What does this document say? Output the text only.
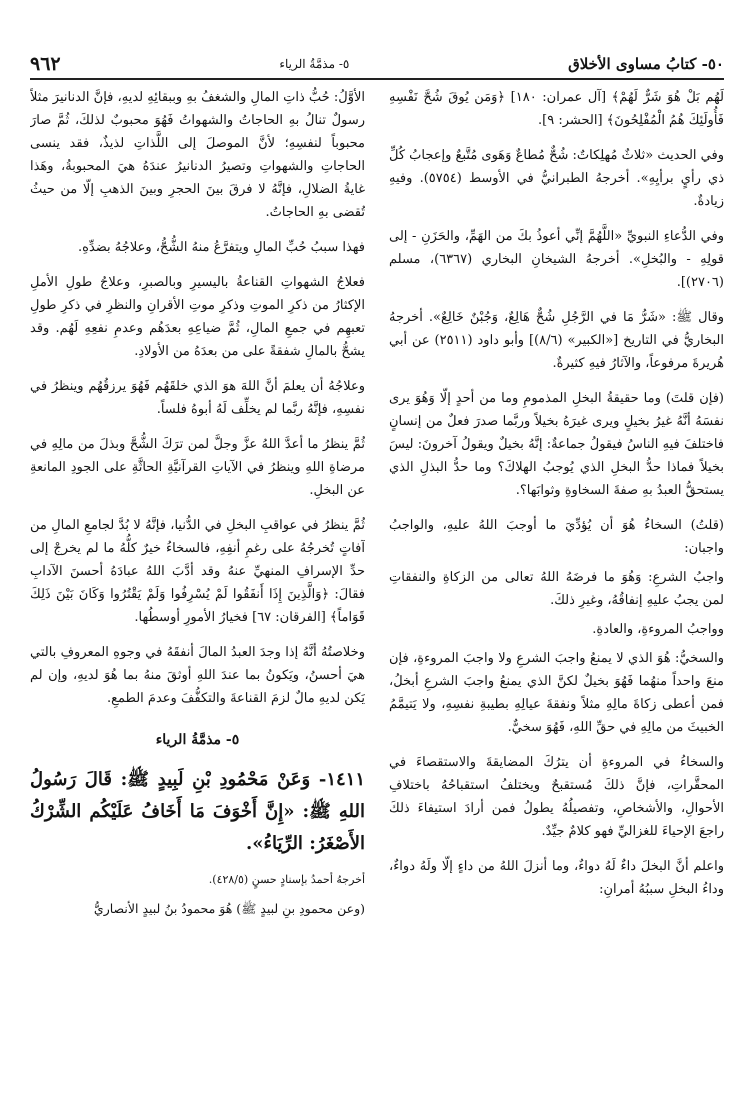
٥٠- كتابُ مساوى الأخلاق
٥- مذمَّةُ الرياء
٩٦٢

لَهُم بَلْ هُوَ شَرٌّ لَهُمْ﴾ [آل عمران: ١٨٠] ﴿وَمَن يُوقَ شُحَّ نَفْسِهِ فَأُولَئِكَ هُمُ الْمُفْلِحُونَ﴾ [الحشر: ٩].

وفي الحديث «ثلاثٌ مُهلِكاتٌ: شُحٌّ مُطاعٌ وَهَوى مُتَّبعٌ وإعجابُ كُلِّ ذي رأيٍ برأيِهِ». أخرجهُ الطبرانيُّ في الأوسط (٥٧٥٤). وفيهِ زيادةٌ.

وفي الدُّعاءِ النبويِّ «اللَّهُمَّ إنِّي أعوذُ بكَ من الهَمِّ، والحَزَنِ - إلى قولِهِ - والبُخلِ». أخرجهُ الشيخانِ البخاري (٦٣٦٧)، مسلم (٢٧٠٦)].

وقال ﷺ: «شَرُّ مَا في الرَّجُلِ شُحٌّ هَالِعٌ، وَجُبْنٌ خَالِعٌ». أخرجهُ البخاريُّ في التاريخ [«الكبير» (٨/٦)] وأبو داود (٢٥١١) عن أبي هُريرةَ مرفوعاً، والآثارُ فيهِ كثيرةٌ.

(فإن قلتَ) وما حقيقةُ البخلِ المذمومِ وما من أحدٍ إلّا وَهُوَ يرى نفسَهُ أنَّهُ غيرُ بخيلٍ ويرى غيرَهُ بخيلاً وربَّما صدرَ فعلٌ من إنسانٍ فاختلفَ فيهِ الناسُ فيقولُ جماعةٌ: إنَّهُ بخيلٌ ويقولُ آخرونَ: ليسَ بخيلاً فماذا حدُّ البخلِ الذي يُوجبُ الهلاكَ؟ وما حدُّ البذلِ الذي يستحقُّ العبدُ بهِ صفةَ السخاوةِ وثوابَها؟.

(قلتُ) السخاءُ هُوَ أن يُؤدِّيَ ما أوجبَ اللهُ عليهِ، والواجبُ واجبان:

واجبُ الشرعِ: وَهُوَ ما فرضَهُ اللهُ تعالى من الزكاةِ والنفقاتِ لمن يجبُ عليهِ إنفاقُهُ، وغيرِ ذلكَ.

وواجبُ المروءةِ، والعادةِ.

والسخيُّ: هُوَ الذي لا يمنعُ واجبَ الشرعِ ولا واجبَ المروءةِ، فإن منعَ واحداً منهُما فَهُوَ بخيلٌ لكنَّ الذي يمنعُ واجبَ الشرعِ أبخلُ، فمن أعطى زكاةَ مالِهِ مثلاً ونفقةَ عيالِهِ بطيبةِ نفسِهِ، ولا يَتيمَّمُ الخبيثَ من مالِهِ في حقِّ اللهِ، فَهُوَ سخيٌّ.

والسخاءُ في المروءةِ أن يترُكَ المضايقةَ والاستقصاءَ في المحقَّراتِ، فإنَّ ذلكَ مُستقبحٌ ويختلفُ استقباحُهُ باختلافِ الأحوالِ، والأشخاصِ، وتفصيلُهُ يطولُ فمن أرادَ استيفاءَ ذلكَ راجعَ الإحياءَ للغزاليِّ فهو كلامٌ جيِّدٌ.

واعلم أنَّ البخلَ داءٌ لَهُ دواءٌ، وما أنزلَ اللهُ من داءٍ إلّا ولَهُ دواءٌ، وداءُ البخلِ سببُهُ أمرانِ:

الأوَّلُ: حُبُّ ذاتِ المالِ والشغفُ بهِ وببقائِهِ لديهِ، فإنَّ الدنانيرَ مثلاً رسولٌ تنالُ بهِ الحاجاتُ والشهواتُ فَهُوَ محبوبٌ لذلكَ، ثُمَّ صارَ محبوباً لنفسِهِ؛ لأنَّ الموصلَ إلى اللَّذاتِ لذيذٌ، فقد ينسى الحاجاتِ والشهواتِ وتصيرُ الدنانيرُ عندَهُ هيَ المحبوبةُ، وهَذا غايةُ الضلالِ، فإنَّهُ لا فرقَ بينَ الحجرِ وبينَ الذهبِ إلّا من حيثُ تُقضى بهِ الحاجاتُ.

فهذا سببُ حُبِّ المالِ ويتفرَّعُ منهُ الشُّحُّ، وعلاجُهُ بضدِّهِ.

فعلاجُ الشهواتِ القناعةُ باليسيرِ وبالصبرِ، وعلاجُ طولِ الأملِ الإكثارُ من ذكرِ الموتِ وذكرِ موتِ الأقرانِ والنظرِ في ذكرِ طولِ تعبهِم في جمعِ المالِ، ثُمَّ ضياعِهِ بعدَهُم وعدمِ نفعِهِ لَهُم. وقد يشحُّ بالمالِ شفقةً على من بعدَهُ من الأولادِ.

وعلاجُهُ أن يعلمَ أنَّ اللهَ هوَ الذي خلقَهُم فَهُوَ يرزقُهُم وينظرُ في نفسِهِ، فإنَّهُ ربَّما لم يخلِّف لَهُ أبوهُ فلساً.

ثُمَّ ينظرُ ما أعدَّ اللهُ عزَّ وجلَّ لمن ترَكَ الشُّحَّ وبذلَ من مالِهِ في مرضاةِ اللهِ وينظرُ في الآياتِ القرآنيَّةِ الحاثَّةِ على الجودِ المانعةِ عن البخلِ.

ثُمَّ ينظرُ في عواقبِ البخلِ في الدُّنيا، فإنَّهُ لا بُدَّ لجامعِ المالِ من آفاتٍ تُخرجُهُ على رغمِ أنفِهِ، فالسخاءُ خيرٌ كلُّهُ ما لم يخرجْ إلى حدِّ الإسرافِ المنهيِّ عنهُ وقد أدَّبَ اللهُ عبادَهُ أحسنَ الآدابِ فقالَ: ﴿وَالَّذِينَ إِذَا أَنفَقُوا لَمْ يُسْرِفُوا وَلَمْ يَقْتُرُوا وَكَانَ بَيْنَ ذَلِكَ قَوَاماً﴾ [الفرقان: ٦٧] فخيارُ الأمورِ أوسطُها.

وخلاصتُهُ أنَّهُ إذا وجدَ العبدُ المالَ أنفقَهُ في وجوهِ المعروفِ بالتي هيَ أحسنُ، ويَكونُ بما عندَ اللهِ أوثقَ منهُ بما هُوَ لديهِ، وإن لم يَكن لديهِ مالٌ لزمَ القناعةَ والتكفُّفَ وعدمَ الطمعِ.

٥- مذمَّةُ الرياء

١٤١١- وَعَنْ مَحْمُودِ بْنِ لَبِيدٍ ﷺ: قَالَ رَسُولُ اللهِ ﷺ: «إِنَّ أَخْوَفَ مَا أَخَافُ عَلَيْكُم الشِّرْكُ الأَصْغَرُ: الرِّيَاءُ».

أخرجهُ أحمدُ بإسنادٍ حسنٍ (٤٢٨/٥).

(وعن محمودِ بنِ لبيدٍ ﷺ) هُوَ محمودُ بنُ لبيدٍ الأنصاريُّ
